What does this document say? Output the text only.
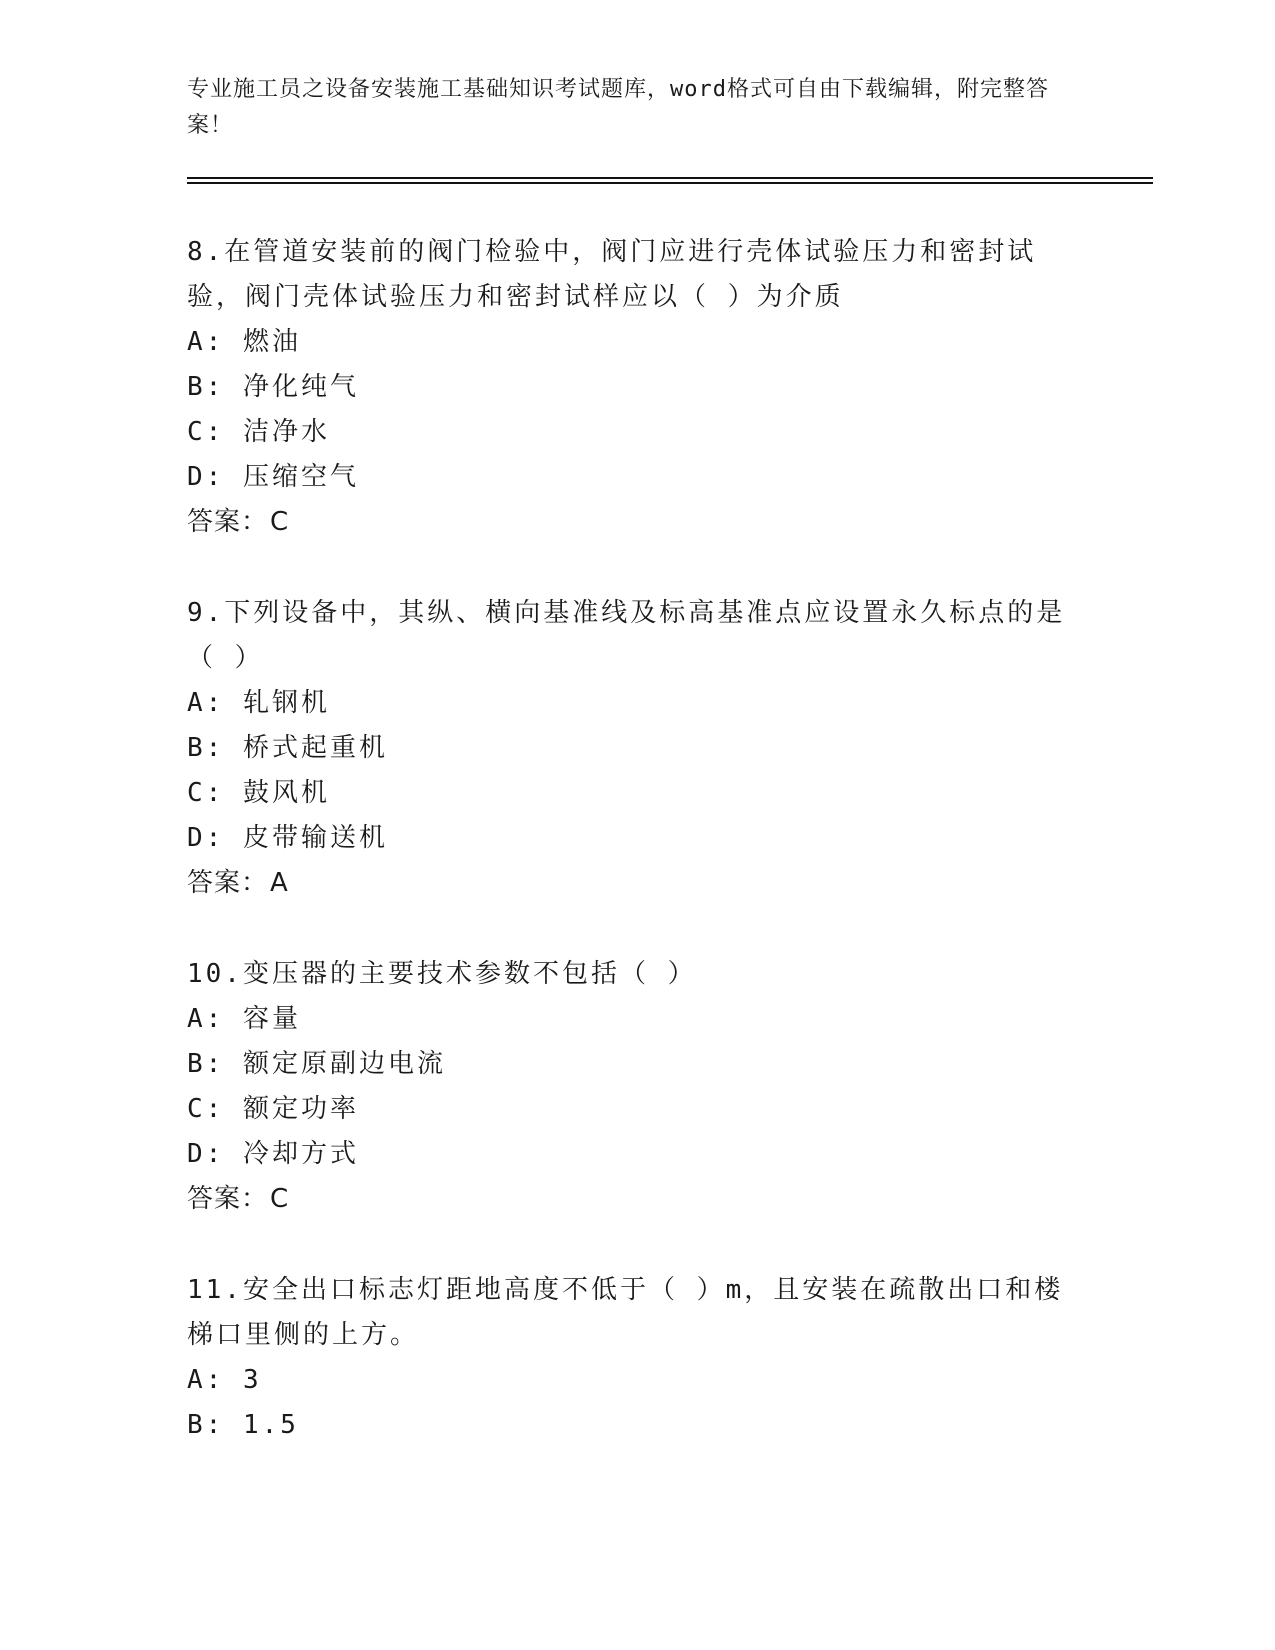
专业施工员之设备安装施工基础知识考试题库，word格式可自由下载编辑，附完整答案！
8.在管道安装前的阀门检验中，阀门应进行壳体试验压力和密封试验，阀门壳体试验压力和密封试样应以（ ）为介质
A: 燃油
B: 净化纯气
C: 洁净水
D: 压缩空气
答案：C
9.下列设备中，其纵、横向基准线及标高基准点应设置永久标点的是（ ）
A: 轧钢机
B: 桥式起重机
C: 鼓风机
D: 皮带输送机
答案：A
10.变压器的主要技术参数不包括（ ）
A: 容量
B: 额定原副边电流
C: 额定功率
D: 冷却方式
答案：C
11.安全出口标志灯距地高度不低于（ ）m，且安装在疏散出口和楼梯口里侧的上方。
A: 3
B: 1.5
